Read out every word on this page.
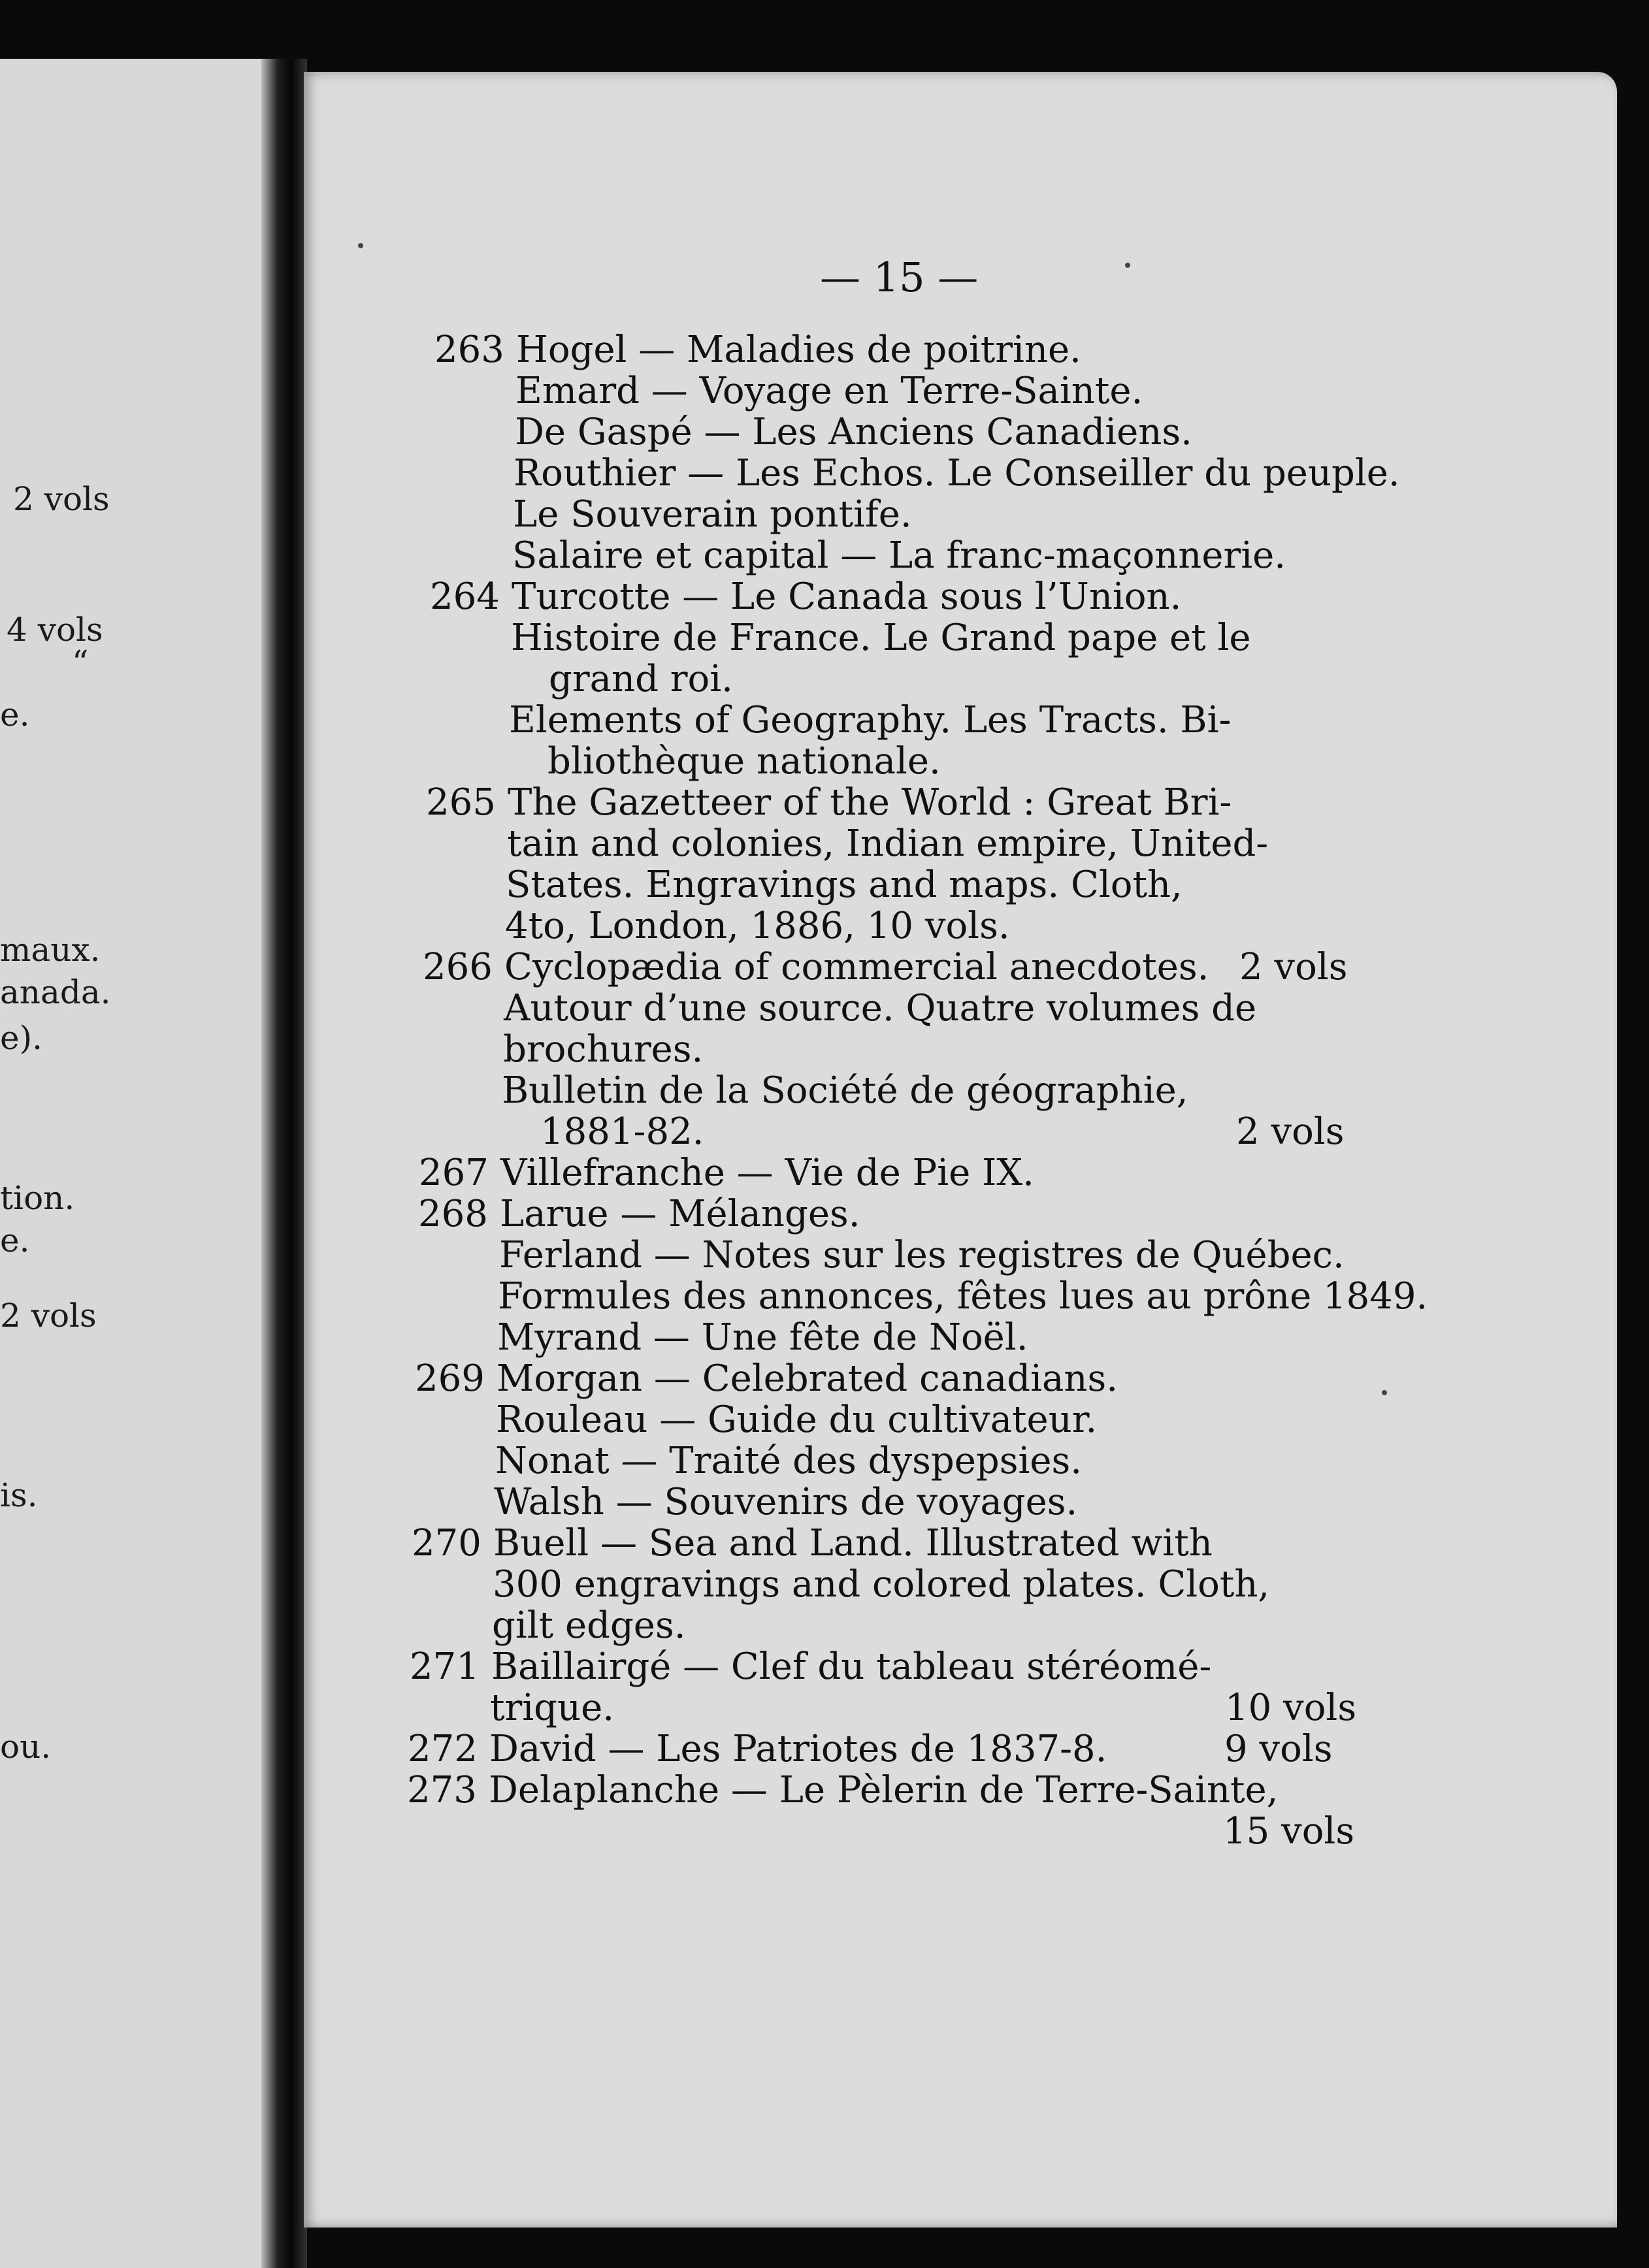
2 vols
4 vols
“
e.
maux.
anada.
e).
tion.
e.
2 vols
is.
ou.
— 15 —
263 Hogel — Maladies de poitrine.
Emard — Voyage en Terre-Sainte.
De Gaspé — Les Anciens Canadiens.
Routhier — Les Echos. Le Conseiller du peuple.
Le Souverain pontife.
Salaire et capital — La franc-maçonnerie.
264 Turcotte — Le Canada sous l’Union.
Histoire de France. Le Grand pape et le
grand roi.
Elements of Geography. Les Tracts. Bi-
bliothèque nationale.
265 The Gazetteer of the World : Great Bri-
tain and colonies, Indian empire, United-
States. Engravings and maps. Cloth,
4to, London, 1886, 10 vols.
266 Cyclopædia of commercial anecdotes. 2 vols
Autour d’une source. Quatre volumes de
brochures.
Bulletin de la Société de géographie,
1881-82.	2 vols
267 Villefranche — Vie de Pie IX.
268 Larue — Mélanges.
Ferland — Notes sur les registres de Québec.
Formules des annonces, fêtes lues au prône 1849.
Myrand — Une fête de Noël.
269 Morgan — Celebrated canadians.
Rouleau — Guide du cultivateur.
Nonat — Traité des dyspepsies.
Walsh — Souvenirs de voyages.
270 Buell — Sea and Land. Illustrated with
300 engravings and colored plates. Cloth,
gilt edges.
271 Baillairgé — Clef du tableau stéréomé-
trique.	10 vols
272 David — Les Patriotes de 1837-8.	9 vols
273 Delaplanche — Le Pèlerin de Terre-Sainte,
15 vols
